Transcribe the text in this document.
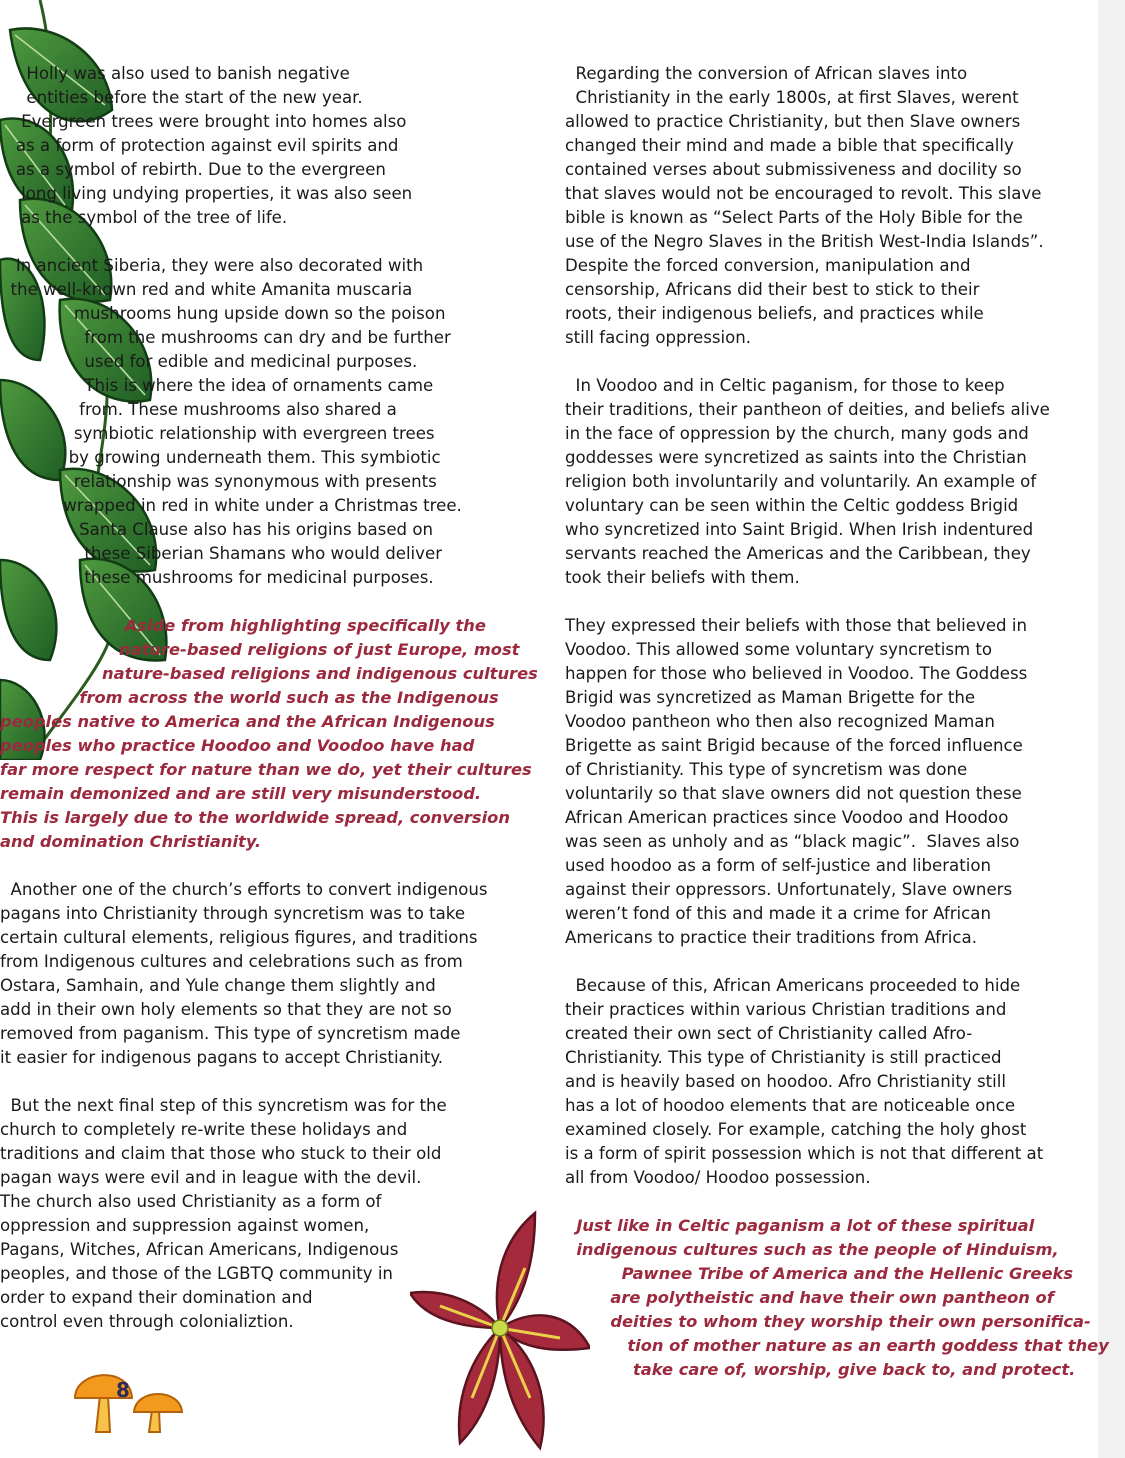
8

Holly was also used to banish negative
entities before the start of the new year.
Evergreen trees were brought into homes also
as a form of protection against evil spirits and
as a symbol of rebirth. Due to the evergreen
long living undying properties, it was also seen
as the symbol of the tree of life.

In ancient Siberia, they were also decorated with
the well-known red and white Amanita muscaria
mushrooms hung upside down so the poison
from the mushrooms can dry and be further
used for edible and medicinal purposes.
This is where the idea of ornaments came
from. These mushrooms also shared a
symbiotic relationship with evergreen trees
by growing underneath them. This symbiotic
relationship was synonymous with presents
wrapped in red in white under a Christmas tree.
Santa Clause also has his origins based on
these Siberian Shamans who would deliver
these mushrooms for medicinal purposes.

Aside from highlighting specifically the
nature-based religions of just Europe, most
nature-based religions and indigenous cultures
from across the world such as the Indigenous
peoples native to America and the African Indigenous
peoples who practice Hoodoo and Voodoo have had
far more respect for nature than we do, yet their cultures
remain demonized and are still very misunderstood.
This is largely due to the worldwide spread, conversion
and domination Christianity.

Another one of the church’s efforts to convert indigenous
pagans into Christianity through syncretism was to take
certain cultural elements, religious figures, and traditions
from Indigenous cultures and celebrations such as from
Ostara, Samhain, and Yule change them slightly and
add in their own holy elements so that they are not so
removed from paganism. This type of syncretism made
it easier for indigenous pagans to accept Christianity.

But the next final step of this syncretism was for the
church to completely re-write these holidays and
traditions and claim that those who stuck to their old
pagan ways were evil and in league with the devil.
The church also used Christianity as a form of
oppression and suppression against women,
Pagans, Witches, African Americans, Indigenous
peoples, and those of the LGBTQ community in
order to expand their domination and
control even through colonializtion.

Regarding the conversion of African slaves into
Christianity in the early 1800s, at first Slaves, werent
allowed to practice Christianity, but then Slave owners
changed their mind and made a bible that specifically
contained verses about submissiveness and docility so
that slaves would not be encouraged to revolt. This slave
bible is known as “Select Parts of the Holy Bible for the
use of the Negro Slaves in the British West-India Islands”.
Despite the forced conversion, manipulation and
censorship, Africans did their best to stick to their
roots, their indigenous beliefs, and practices while
still facing oppression.

In Voodoo and in Celtic paganism, for those to keep
their traditions, their pantheon of deities, and beliefs alive
in the face of oppression by the church, many gods and
goddesses were syncretized as saints into the Christian
religion both involuntarily and voluntarily. An example of
voluntary can be seen within the Celtic goddess Brigid
who syncretized into Saint Brigid. When Irish indentured
servants reached the Americas and the Caribbean, they
took their beliefs with them.

They expressed their beliefs with those that believed in
Voodoo. This allowed some voluntary syncretism to
happen for those who believed in Voodoo. The Goddess
Brigid was syncretized as Maman Brigette for the
Voodoo pantheon who then also recognized Maman
Brigette as saint Brigid because of the forced influence
of Christianity. This type of syncretism was done
voluntarily so that slave owners did not question these
African American practices since Voodoo and Hoodoo
was seen as unholy and as “black magic”.  Slaves also
used hoodoo as a form of self-justice and liberation
against their oppressors. Unfortunately, Slave owners
weren’t fond of this and made it a crime for African
Americans to practice their traditions from Africa.

Because of this, African Americans proceeded to hide
their practices within various Christian traditions and
created their own sect of Christianity called Afro-
Christianity. This type of Christianity is still practiced
and is heavily based on hoodoo. Afro Christianity still
has a lot of hoodoo elements that are noticeable once
examined closely. For example, catching the holy ghost
is a form of spirit possession which is not that different at
all from Voodoo/ Hoodoo possession.

Just like in Celtic paganism a lot of these spiritual
indigenous cultures such as the people of Hinduism,
Pawnee Tribe of America and the Hellenic Greeks
are polytheistic and have their own pantheon of
deities to whom they worship their own personifica-
tion of mother nature as an earth goddess that they
take care of, worship, give back to, and protect.
